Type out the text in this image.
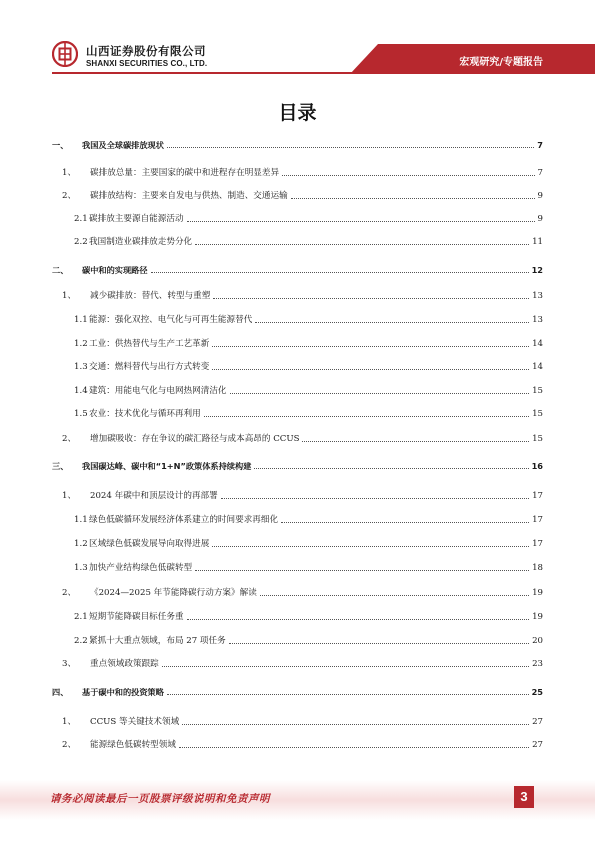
山西证券股份有限公司
SHANXI SECURITIES CO., LTD.	宏观研究/专题报告
目录
一、	我国及全球碳排放现状	7
1、	碳排放总量：主要国家的碳中和进程存在明显差异	7
2、	碳排放结构：主要来自发电与供热、制造、交通运输	9
2.1 碳排放主要源自能源活动	9
2.2 我国制造业碳排放走势分化	11
二、	碳中和的实现路径	12
1、	减少碳排放：替代、转型与重塑	13
1.1 能源：强化双控、电气化与可再生能源替代	13
1.2 工业：供热替代与生产工艺革新	14
1.3 交通：燃料替代与出行方式转变	14
1.4 建筑：用能电气化与电网热网清洁化	15
1.5 农业：技术优化与循环再利用	15
2、	增加碳吸收：存在争议的碳汇路径与成本高昂的 CCUS	15
三、	我国碳达峰、碳中和“1+N”政策体系持续构建	16
1、	2024 年碳中和顶层设计的再部署	17
1.1 绿色低碳循环发展经济体系建立的时间要求再细化	17
1.2 区域绿色低碳发展导向取得进展	17
1.3 加快产业结构绿色低碳转型	18
2、	《2024—2025 年节能降碳行动方案》解读	19
2.1 短期节能降碳目标任务重	19
2.2 紧抓十大重点领域，布局 27 项任务	20
3、	重点领域政策跟踪	23
四、	基于碳中和的投资策略	25
1、	CCUS 等关键技术领域	27
2、	能源绿色低碳转型领域	27
请务必阅读最后一页股票评级说明和免责声明	3
